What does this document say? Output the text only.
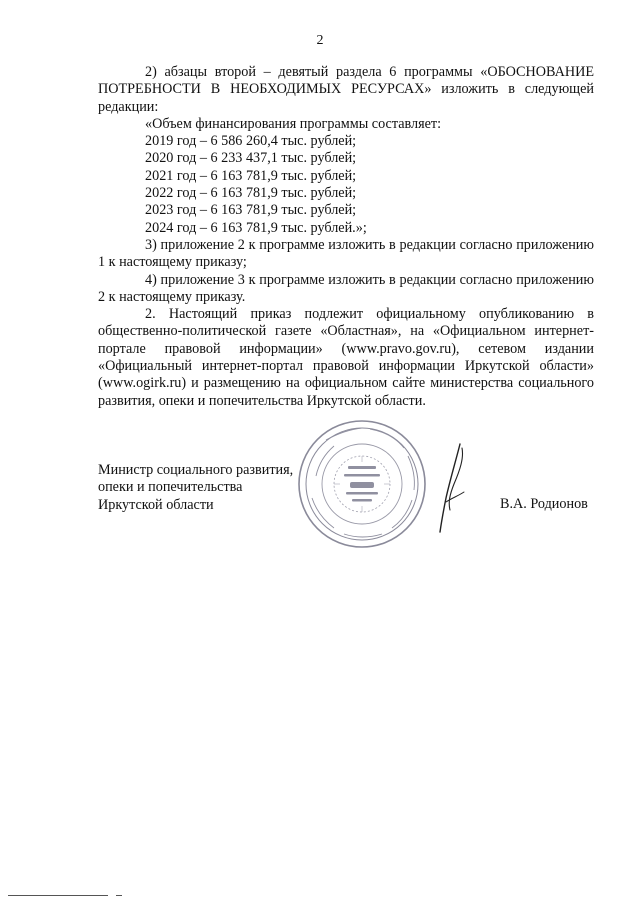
2

2) абзацы второй – девятый раздела 6 программы «ОБОСНОВАНИЕ ПОТРЕБНОСТИ В НЕОБХОДИМЫХ РЕСУРСАХ» изложить в следующей редакции:

«Объем финансирования программы составляет:

2019 год – 6 586 260,4 тыс. рублей;

2020 год – 6 233 437,1 тыс. рублей;

2021 год – 6 163 781,9 тыс. рублей;

2022 год – 6 163 781,9 тыс. рублей;

2023 год – 6 163 781,9 тыс. рублей;

2024 год – 6 163 781,9 тыс. рублей.»;

3) приложение 2 к программе изложить в редакции согласно приложению 1 к настоящему приказу;

4) приложение 3 к программе изложить в редакции согласно приложению 2 к настоящему приказу.

2. Настоящий приказ подлежит официальному опубликованию в общественно-политической газете «Областная», на «Официальном интернет-портале правовой информации» (www.pravo.gov.ru), сетевом издании «Официальный интернет-портал правовой информации Иркутской области» (www.ogirk.ru) и размещению на официальном сайте министерства социального развития, опеки и попечительства Иркутской области.

Министр социального развития,
опеки и попечительства
Иркутской области	В.А. Родионов
